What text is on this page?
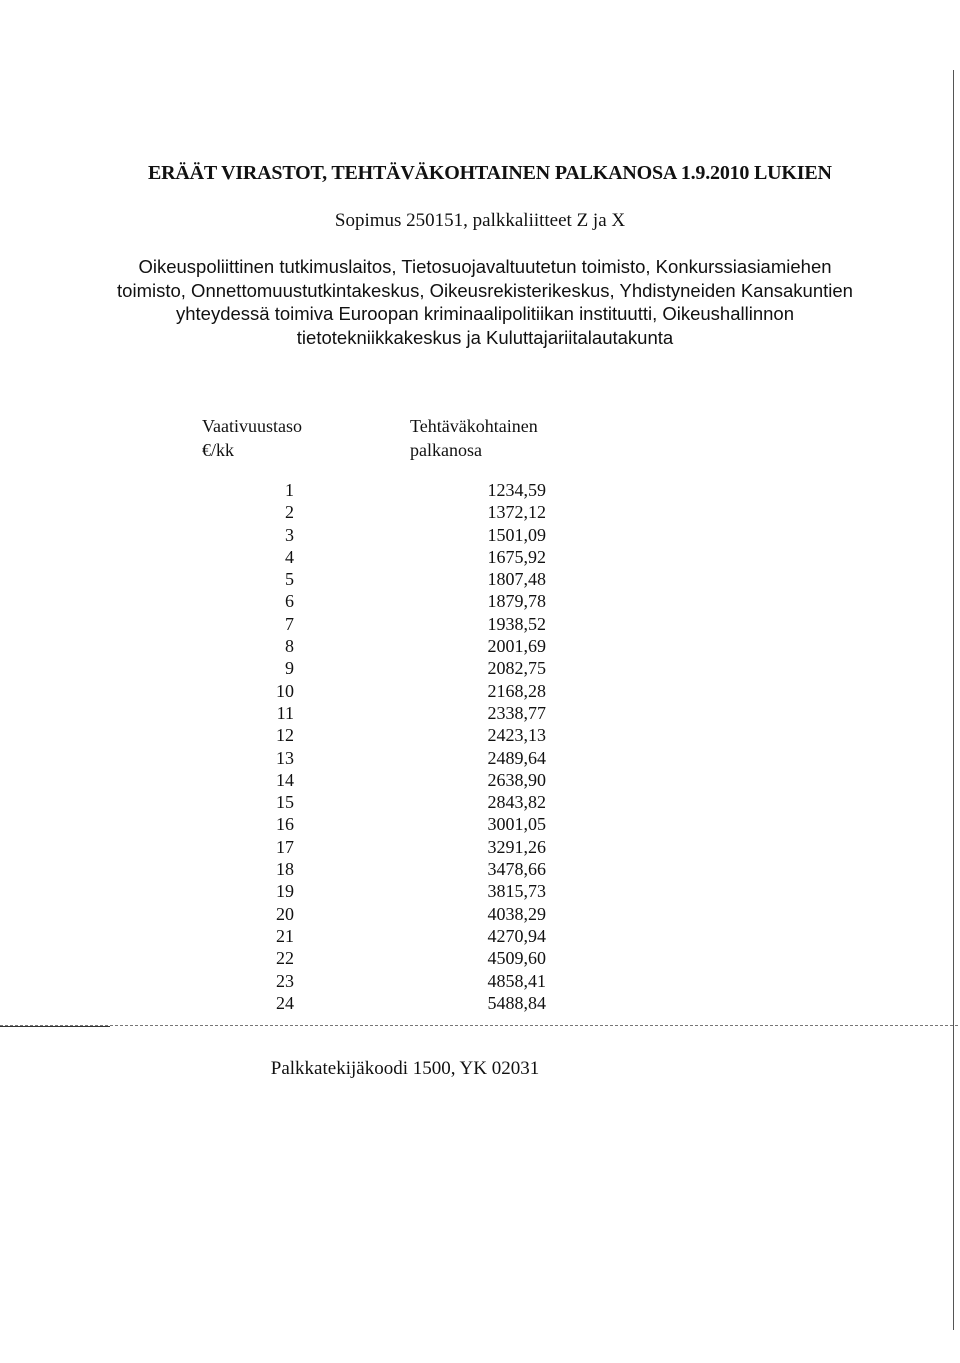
ERÄÄT VIRASTOT, TEHTÄVÄKOHTAINEN PALKANOSA 1.9.2010 LUKIEN
Sopimus 250151, palkkaliitteet Z ja X
Oikeuspoliittinen tutkimuslaitos, Tietosuojavaltuutetun toimisto, Konkurssiasiamiehen
toimisto, Onnettomuustutkintakeskus, Oikeusrekisterikeskus, Yhdistyneiden Kansakuntien
yhteydessä toimiva Euroopan kriminaalipolitiikan instituutti, Oikeushallinnon
tietotekniikkakeskus ja Kuluttajariitalautakunta
Vaativuustaso
€/kk
Tehtäväkohtainen
palkanosa
1	1234,59
2	1372,12
3	1501,09
4	1675,92
5	1807,48
6	1879,78
7	1938,52
8	2001,69
9	2082,75
10	2168,28
11	2338,77
12	2423,13
13	2489,64
14	2638,90
15	2843,82
16	3001,05
17	3291,26
18	3478,66
19	3815,73
20	4038,29
21	4270,94
22	4509,60
23	4858,41
24	5488,84
Palkkatekijäkoodi 1500, YK 02031
